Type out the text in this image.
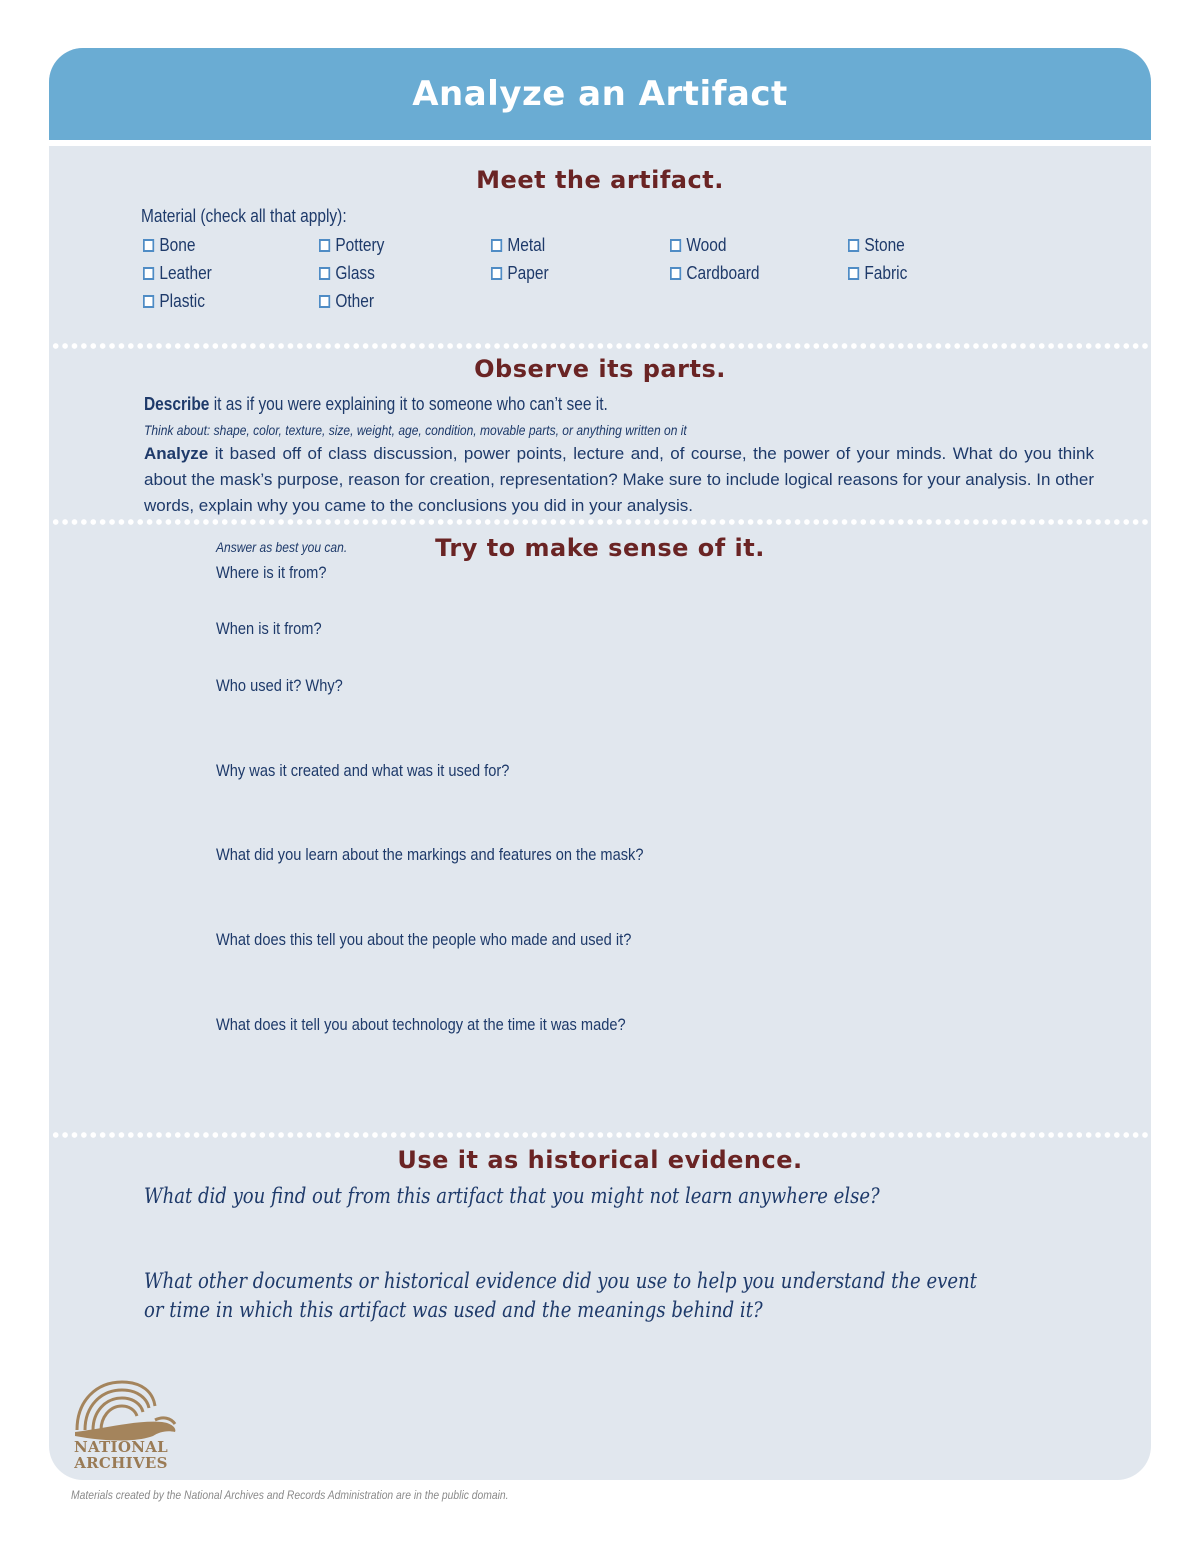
Analyze an Artifact
Meet the artifact.
Material (check all that apply):
Bone	Pottery	Metal	Wood	Stone
Leather	Glass	Paper	Cardboard	Fabric
Plastic	Other
Observe its parts.
Describe it as if you were explaining it to someone who can’t see it.
Think about: shape, color, texture, size, weight, age, condition, movable parts, or anything written on it
Analyze it based off of class discussion, power points, lecture and, of course, the power of your minds. What do you think about the mask’s purpose, reason for creation, representation? Make sure to include logical reasons for your analysis. In other words, explain why you came to the conclusions you did in your analysis.
Answer as best you can.	Try to make sense of it.
Where is it from?
When is it from?
Who used it? Why?
Why was it created and what was it used for?
What did you learn about the markings and features on the mask?
What does this tell you about the people who made and used it?
What does it tell you about technology at the time it was made?
Use it as historical evidence.
What did you find out from this artifact that you might not learn anywhere else?
What other documents or historical evidence did you use to help you understand the event
or time in which this artifact was used and the meanings behind it?
NATIONAL
ARCHIVES
Materials created by the National Archives and Records Administration are in the public domain.
